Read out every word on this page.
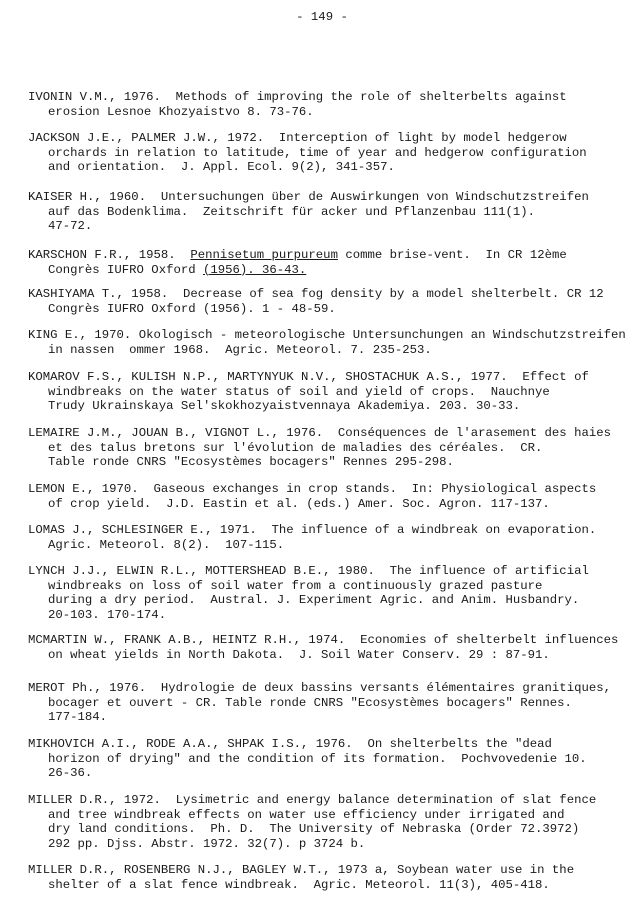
- 149 -
IVONIN V.M., 1976.  Methods of improving the role of shelterbelts against
erosion Lesnoe Khozyaistvo 8. 73-76.
JACKSON J.E., PALMER J.W., 1972.  Interception of light by model hedgerow
orchards in relation to latitude, time of year and hedgerow configuration
and orientation.  J. Appl. Ecol. 9(2), 341-357.
KAISER H., 1960.  Untersuchungen über de Auswirkungen von Windschutzstreifen
auf das Bodenklima.  Zeitschrift für acker und Pflanzenbau 111(1).
47-72.
KARSCHON F.R., 1958.  Pennisetum purpureum comme brise-vent.  In CR 12ème
Congrès IUFRO Oxford (1956). 36-43.
KASHIYAMA T., 1958.  Decrease of sea fog density by a model shelterbelt. CR 12
Congrès IUFRO Oxford (1956). 1 - 48-59.
KING E., 1970. Okologisch - meteorologische Untersunchungen an Windschutzstreifen
in nassen  ommer 1968.  Agric. Meteorol. 7. 235-253.
KOMAROV F.S., KULISH N.P., MARTYNYUK N.V., SHOSTACHUK A.S., 1977.  Effect of
windbreaks on the water status of soil and yield of crops.  Nauchnye
Trudy Ukrainskaya Sel'skokhozyaistvennaya Akademiya. 203. 30-33.
LEMAIRE J.M., JOUAN B., VIGNOT L., 1976.  Conséquences de l'arasement des haies
et des talus bretons sur l'évolution de maladies des céréales.  CR.
Table ronde CNRS "Ecosystèmes bocagers" Rennes 295-298.
LEMON E., 1970.  Gaseous exchanges in crop stands.  In: Physiological aspects
of crop yield.  J.D. Eastin et al. (eds.) Amer. Soc. Agron. 117-137.
LOMAS J., SCHLESINGER E., 1971.  The influence of a windbreak on evaporation.
Agric. Meteorol. 8(2).  107-115.
LYNCH J.J., ELWIN R.L., MOTTERSHEAD B.E., 1980.  The influence of artificial
windbreaks on loss of soil water from a continuously grazed pasture
during a dry period.  Austral. J. Experiment Agric. and Anim. Husbandry.
20-103. 170-174.
MCMARTIN W., FRANK A.B., HEINTZ R.H., 1974.  Economies of shelterbelt influences
on wheat yields in North Dakota.  J. Soil Water Conserv. 29 : 87-91.
MEROT Ph., 1976.  Hydrologie de deux bassins versants élémentaires granitiques,
bocager et ouvert - CR. Table ronde CNRS "Ecosystèmes bocagers" Rennes.
177-184.
MIKHOVICH A.I., RODE A.A., SHPAK I.S., 1976.  On shelterbelts the "dead
horizon of drying" and the condition of its formation.  Pochvovedenie 10.
26-36.
MILLER D.R., 1972.  Lysimetric and energy balance determination of slat fence
and tree windbreak effects on water use efficiency under irrigated and
dry land conditions.  Ph. D.  The University of Nebraska (Order 72.3972)
292 pp. Djss. Abstr. 1972. 32(7). p 3724 b.
MILLER D.R., ROSENBERG N.J., BAGLEY W.T., 1973 a, Soybean water use in the
shelter of a slat fence windbreak.  Agric. Meteorol. 11(3), 405-418.
